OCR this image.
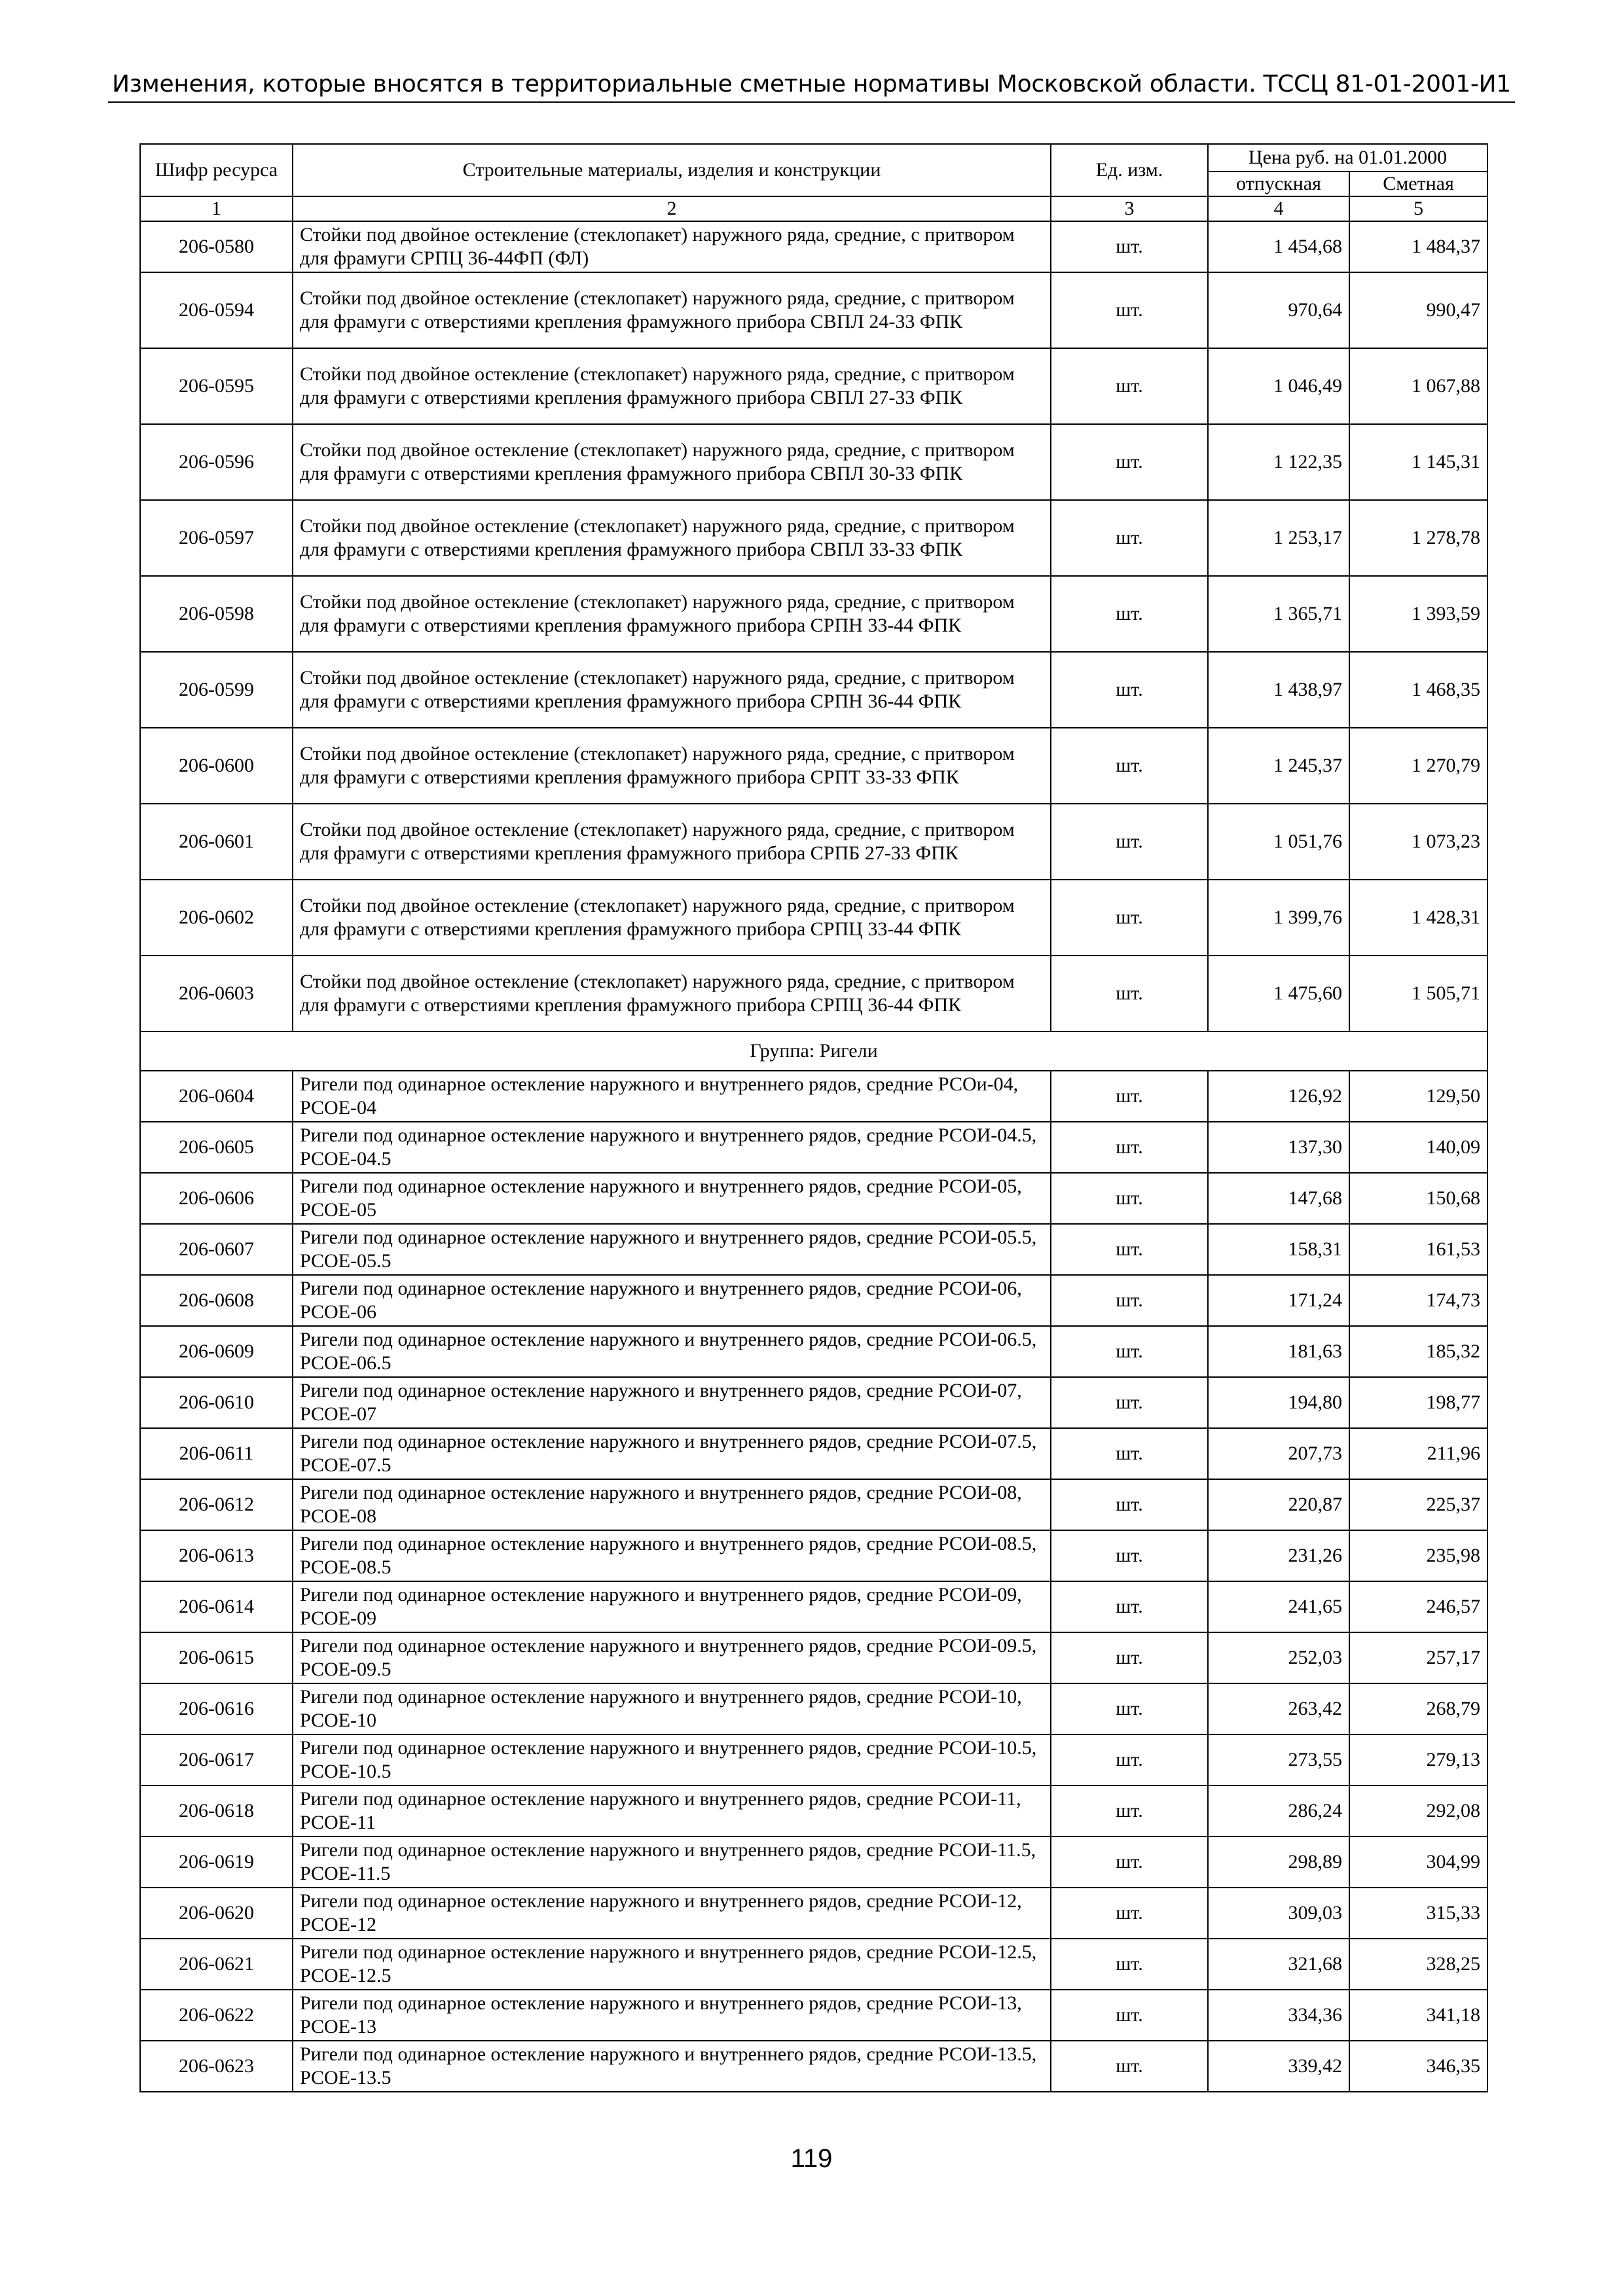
Изменения, которые вносятся в территориальные сметные нормативы Московской области. ТССЦ 81-01-2001-И1
Шифр ресурса	Строительные материалы, изделия и конструкции	Ед. изм.	Цена руб. на 01.01.2000	
			отпускная	Сметная
1	2	3	4	5
206-0580	Стойки под двойное остекление (стеклопакет) наружного ряда, средние, с притвором для фрамуги СРПЦ 36-44ФП (ФЛ)	шт.	1 454,68	1 484,37
206-0594	Стойки под двойное остекление (стеклопакет) наружного ряда, средние, с притвором для фрамуги с отверстиями крепления фрамужного прибора СВПЛ 24-33 ФПК	шт.	970,64	990,47
206-0595	Стойки под двойное остекление (стеклопакет) наружного ряда, средние, с притвором для фрамуги с отверстиями крепления фрамужного прибора СВПЛ 27-33 ФПК	шт.	1 046,49	1 067,88
206-0596	Стойки под двойное остекление (стеклопакет) наружного ряда, средние, с притвором для фрамуги с отверстиями крепления фрамужного прибора СВПЛ 30-33 ФПК	шт.	1 122,35	1 145,31
206-0597	Стойки под двойное остекление (стеклопакет) наружного ряда, средние, с притвором для фрамуги с отверстиями крепления фрамужного прибора СВПЛ 33-33 ФПК	шт.	1 253,17	1 278,78
206-0598	Стойки под двойное остекление (стеклопакет) наружного ряда, средние, с притвором для фрамуги с отверстиями крепления фрамужного прибора СРПН 33-44 ФПК	шт.	1 365,71	1 393,59
206-0599	Стойки под двойное остекление (стеклопакет) наружного ряда, средние, с притвором для фрамуги с отверстиями крепления фрамужного прибора СРПН 36-44 ФПК	шт.	1 438,97	1 468,35
206-0600	Стойки под двойное остекление (стеклопакет) наружного ряда, средние, с притвором для фрамуги с отверстиями крепления фрамужного прибора СРПТ 33-33 ФПК	шт.	1 245,37	1 270,79
206-0601	Стойки под двойное остекление (стеклопакет) наружного ряда, средние, с притвором для фрамуги с отверстиями крепления фрамужного прибора СРПБ 27-33 ФПК	шт.	1 051,76	1 073,23
206-0602	Стойки под двойное остекление (стеклопакет) наружного ряда, средние, с притвором для фрамуги с отверстиями крепления фрамужного прибора СРПЦ 33-44 ФПК	шт.	1 399,76	1 428,31
206-0603	Стойки под двойное остекление (стеклопакет) наружного ряда, средние, с притвором для фрамуги с отверстиями крепления фрамужного прибора СРПЦ 36-44 ФПК	шт.	1 475,60	1 505,71
Группа: Ригели				
206-0604	Ригели под одинарное остекление наружного и внутреннего рядов, средние РСОи-04, РСОЕ-04	шт.	126,92	129,50
206-0605	Ригели под одинарное остекление наружного и внутреннего рядов, средние РСОИ-04.5, РСОЕ-04.5	шт.	137,30	140,09
206-0606	Ригели под одинарное остекление наружного и внутреннего рядов, средние РСОИ-05, РСОЕ-05	шт.	147,68	150,68
206-0607	Ригели под одинарное остекление наружного и внутреннего рядов, средние РСОИ-05.5, РСОЕ-05.5	шт.	158,31	161,53
206-0608	Ригели под одинарное остекление наружного и внутреннего рядов, средние РСОИ-06, РСОЕ-06	шт.	171,24	174,73
206-0609	Ригели под одинарное остекление наружного и внутреннего рядов, средние РСОИ-06.5, РСОЕ-06.5	шт.	181,63	185,32
206-0610	Ригели под одинарное остекление наружного и внутреннего рядов, средние РСОИ-07, РСОЕ-07	шт.	194,80	198,77
206-0611	Ригели под одинарное остекление наружного и внутреннего рядов, средние РСОИ-07.5, РСОЕ-07.5	шт.	207,73	211,96
206-0612	Ригели под одинарное остекление наружного и внутреннего рядов, средние РСОИ-08, РСОЕ-08	шт.	220,87	225,37
206-0613	Ригели под одинарное остекление наружного и внутреннего рядов, средние РСОИ-08.5, РСОЕ-08.5	шт.	231,26	235,98
206-0614	Ригели под одинарное остекление наружного и внутреннего рядов, средние РСОИ-09, РСОЕ-09	шт.	241,65	246,57
206-0615	Ригели под одинарное остекление наружного и внутреннего рядов, средние РСОИ-09.5, РСОЕ-09.5	шт.	252,03	257,17
206-0616	Ригели под одинарное остекление наружного и внутреннего рядов, средние РСОИ-10, РСОЕ-10	шт.	263,42	268,79
206-0617	Ригели под одинарное остекление наружного и внутреннего рядов, средние РСОИ-10.5, РСОЕ-10.5	шт.	273,55	279,13
206-0618	Ригели под одинарное остекление наружного и внутреннего рядов, средние РСОИ-11, РСОЕ-11	шт.	286,24	292,08
206-0619	Ригели под одинарное остекление наружного и внутреннего рядов, средние РСОИ-11.5, РСОЕ-11.5	шт.	298,89	304,99
206-0620	Ригели под одинарное остекление наружного и внутреннего рядов, средние РСОИ-12, РСОЕ-12	шт.	309,03	315,33
206-0621	Ригели под одинарное остекление наружного и внутреннего рядов, средние РСОИ-12.5, РСОЕ-12.5	шт.	321,68	328,25
206-0622	Ригели под одинарное остекление наружного и внутреннего рядов, средние РСОИ-13, РСОЕ-13	шт.	334,36	341,18
206-0623	Ригели под одинарное остекление наружного и внутреннего рядов, средние РСОИ-13.5, РСОЕ-13.5	шт.	339,42	346,35
119
